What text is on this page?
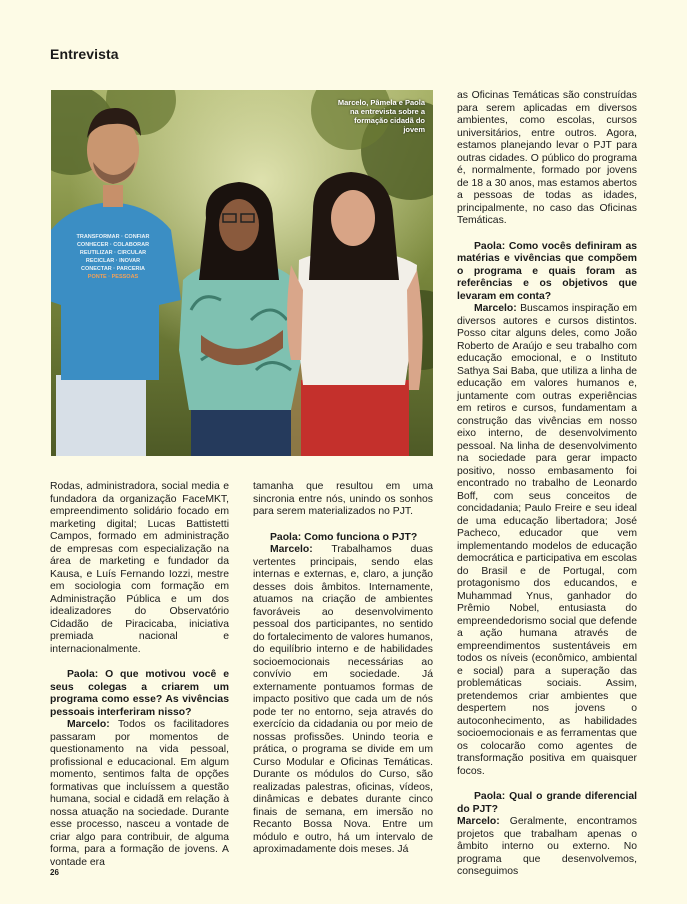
Entrevista
TRANSFORMAR · CONFIAR
CONHECER · COLABORAR
REUTILIZAR · CIRCULAR
RECICLAR · INOVAR
CONECTAR · PARCERIA
PONTE · PESSOAS
Marcelo, Pâmela e Paola na entrevista sobre a formação cidadã do jovem

Rodas, administradora, social media e fundadora da organização FaceMKT, empreendimento solidário focado em marketing digital; Lucas Battistetti Campos, formado em administração de empresas com especialização na área de marketing e fundador da Kausa, e Luís Fernando Iozzi, mestre em sociologia com formação em Administração Pública e um dos idealizadores do Observatório Cidadão de Piracicaba, iniciativa premiada nacional e internacionalmente.

Paola: O que motivou você e seus colegas a criarem um programa como esse? As vivências pessoais interferiram nisso?

Marcelo: Todos os facilitadores passaram por momentos de questionamento na vida pessoal, profissional e educacional. Em algum momento, sentimos falta de opções formativas que incluíssem a questão humana, social e cidadã em relação à nossa atuação na sociedade. Durante esse processo, nasceu a vontade de criar algo para contribuir, de alguma forma, para a formação de jovens. A vontade era

tamanha que resultou em uma sincronia entre nós, unindo os sonhos para serem materializados no PJT.

Paola: Como funciona o PJT?

Marcelo: Trabalhamos duas vertentes principais, sendo elas internas e externas, e, claro, a junção desses dois âmbitos. Internamente, atuamos na criação de ambientes favoráveis ao desenvolvimento pessoal dos participantes, no sentido do fortalecimento de valores humanos, do equilíbrio interno e de habilidades socioemocionais necessárias ao convívio em sociedade. Já externamente pontuamos formas de impacto positivo que cada um de nós pode ter no entorno, seja através do exercício da cidadania ou por meio de nossas profissões. Unindo teoria e prática, o programa se divide em um Curso Modular e Oficinas Temáticas. Durante os módulos do Curso, são realizadas palestras, oficinas, vídeos, dinâmicas e debates durante cinco finais de semana, em imersão no Recanto Bossa Nova. Entre um módulo e outro, há um intervalo de aproximadamente dois meses. Já

as Oficinas Temáticas são construídas para serem aplicadas em diversos ambientes, como escolas, cursos universitários, entre outros. Agora, estamos planejando levar o PJT para outras cidades. O público do programa é, normalmente, formado por jovens de 18 a 30 anos, mas estamos abertos a pessoas de todas as idades, principalmente, no caso das Oficinas Temáticas.

Paola: Como vocês definiram as matérias e vivências que compõem o programa e quais foram as referências e os objetivos que levaram em conta?

Marcelo: Buscamos inspiração em diversos autores e cursos distintos. Posso citar alguns deles, como João Roberto de Araújo e seu trabalho com educação emocional, e o Instituto Sathya Sai Baba, que utiliza a linha de educação em valores humanos e, juntamente com outras experiências em retiros e cursos, fundamentam a construção das vivências em nosso eixo interno, de desenvolvimento pessoal. Na linha de desenvolvimento na sociedade para gerar impacto positivo, nosso embasamento foi encontrado no trabalho de Leonardo Boff, com seus conceitos de concidadania; Paulo Freire e seu ideal de uma educação libertadora; José Pacheco, educador que vem implementando modelos de educação democrática e participativa em escolas do Brasil e de Portugal, com protagonismo dos educandos, e Muhammad Ynus, ganhador do Prêmio Nobel, entusiasta do empreendedorismo social que defende a ação humana através de empreendimentos sustentáveis em todos os níveis (econômico, ambiental e social) para a superação das problemáticas sociais. Assim, pretendemos criar ambientes que despertem nos jovens o autoconhecimento, as habilidades socioemocionais e as ferramentas que os colocarão como agentes de transformação positiva em quaisquer focos.

Paola: Qual o grande diferencial do PJT?

Marcelo: Geralmente, encontramos projetos que trabalham apenas o âmbito interno ou externo. No programa que desenvolvemos, conseguimos

26
